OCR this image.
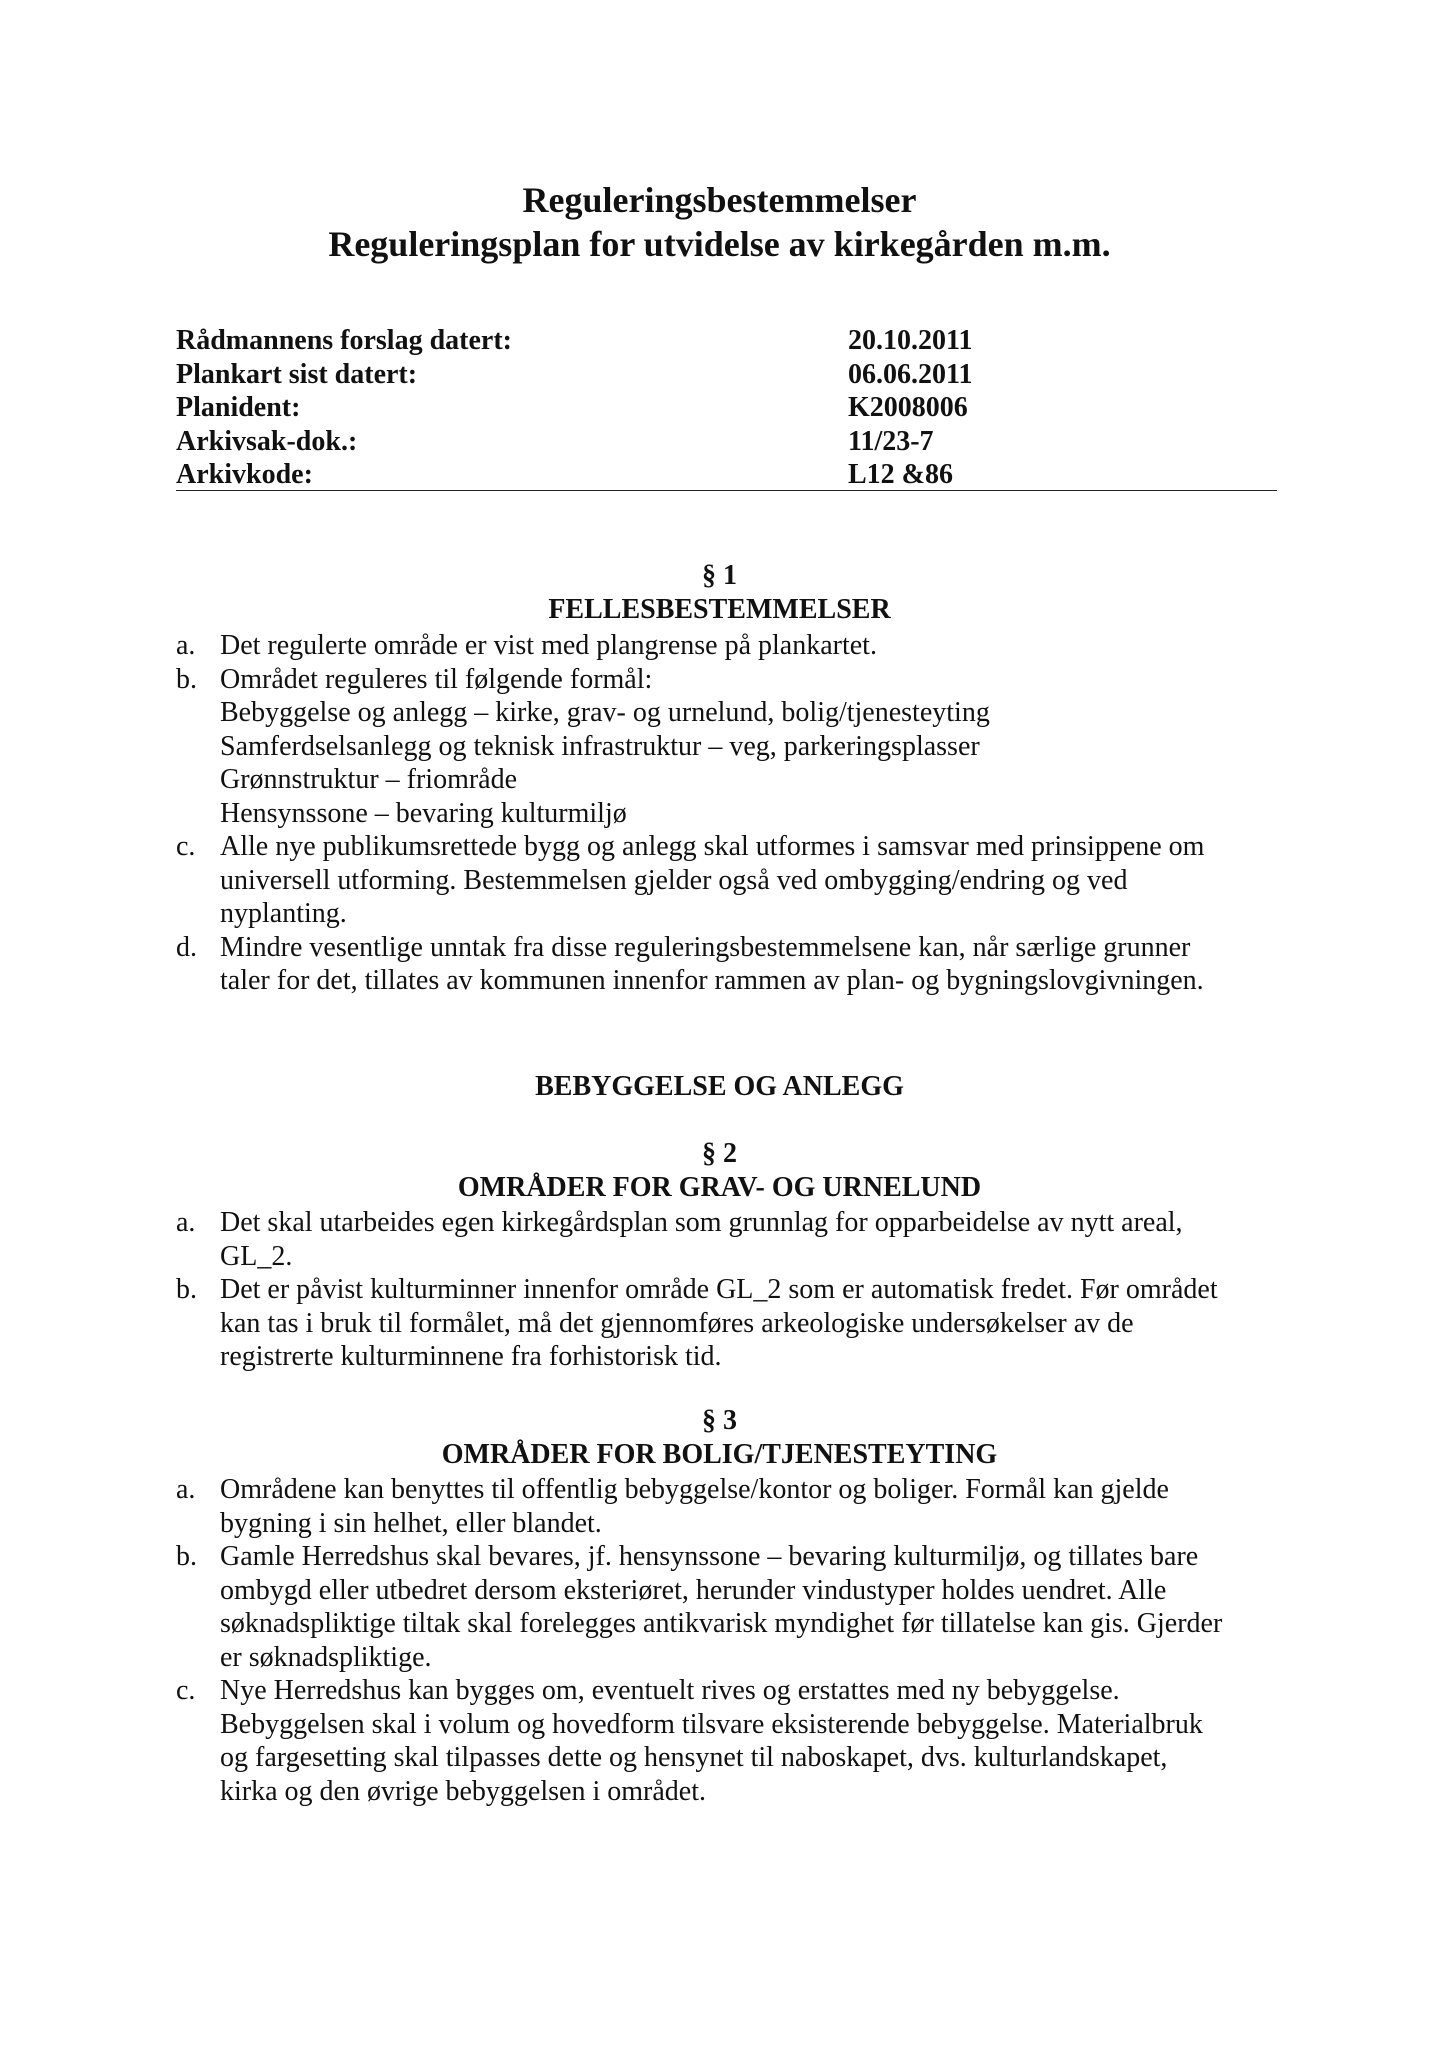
Reguleringsbestemmelser
Reguleringsplan for utvidelse av kirkegården m.m.
Rådmannens forslag datert:	20.10.2011
Plankart sist datert:	06.06.2011
Planident:	K2008006
Arkivsak-dok.:	11/23-7
Arkivkode:	L12 &86
§ 1
FELLESBESTEMMELSER
a. Det regulerte område er vist med plangrense på plankartet.
b. Området reguleres til følgende formål:
Bebyggelse og anlegg – kirke, grav- og urnelund, bolig/tjenesteyting
Samferdselsanlegg og teknisk infrastruktur – veg, parkeringsplasser
Grønnstruktur – friområde
Hensynssone – bevaring kulturmiljø
c. Alle nye publikumsrettede bygg og anlegg skal utformes i samsvar med prinsippene om
universell utforming. Bestemmelsen gjelder også ved ombygging/endring og ved
nyplanting.
d. Mindre vesentlige unntak fra disse reguleringsbestemmelsene kan, når særlige grunner
taler for det, tillates av kommunen innenfor rammen av plan- og bygningslovgivningen.
BEBYGGELSE OG ANLEGG
§ 2
OMRÅDER FOR GRAV- OG URNELUND
a. Det skal utarbeides egen kirkegårdsplan som grunnlag for opparbeidelse av nytt areal,
GL_2.
b. Det er påvist kulturminner innenfor område GL_2 som er automatisk fredet. Før området
kan tas i bruk til formålet, må det gjennomføres arkeologiske undersøkelser av de
registrerte kulturminnene fra forhistorisk tid.
§ 3
OMRÅDER FOR BOLIG/TJENESTEYTING
a. Områdene kan benyttes til offentlig bebyggelse/kontor og boliger. Formål kan gjelde
bygning i sin helhet, eller blandet.
b. Gamle Herredshus skal bevares, jf. hensynssone – bevaring kulturmiljø, og tillates bare
ombygd eller utbedret dersom eksteriøret, herunder vindustyper holdes uendret. Alle
søknadspliktige tiltak skal forelegges antikvarisk myndighet før tillatelse kan gis. Gjerder
er søknadspliktige.
c. Nye Herredshus kan bygges om, eventuelt rives og erstattes med ny bebyggelse.
Bebyggelsen skal i volum og hovedform tilsvare eksisterende bebyggelse. Materialbruk
og fargesetting skal tilpasses dette og hensynet til naboskapet, dvs. kulturlandskapet,
kirka og den øvrige bebyggelsen i området.
